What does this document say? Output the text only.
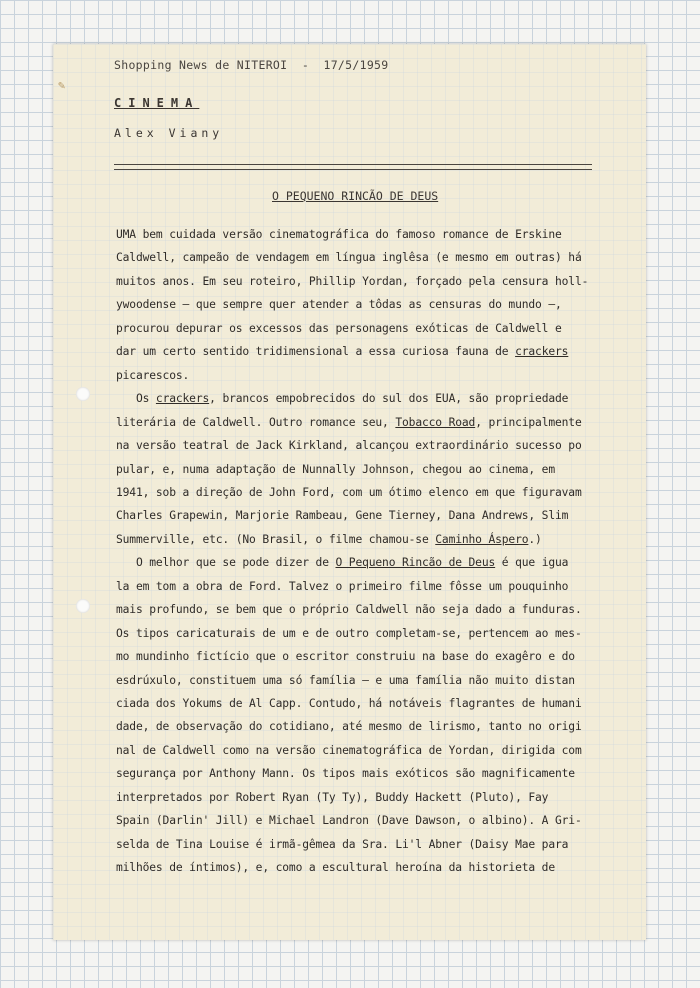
✎
Shopping News de NITEROI  -  17/5/1959
CINEMA
Alex Viany
O PEQUENO RINCÃO DE DEUS
UMA bem cuidada versão cinematográfica do famoso romance de Erskine
Caldwell, campeão de vendagem em língua inglêsa (e mesmo em outras) há
muitos anos. Em seu roteiro, Phillip Yordan, forçado pela censura holl-
ywoodense — que sempre quer atender a tôdas as censuras do mundo —,
procurou depurar os excessos das personagens exóticas de Caldwell e
dar um certo sentido tridimensional a essa curiosa fauna de crackers
picarescos.
Os crackers, brancos empobrecidos do sul dos EUA, são propriedade
literária de Caldwell. Outro romance seu, Tobacco Road, principalmente
na versão teatral de Jack Kirkland, alcançou extraordinário sucesso po
pular, e, numa adaptação de Nunnally Johnson, chegou ao cinema, em
1941, sob a direção de John Ford, com um ótimo elenco em que figuravam
Charles Grapewin, Marjorie Rambeau, Gene Tierney, Dana Andrews, Slim
Summerville, etc. (No Brasil, o filme chamou-se Caminho Áspero.)
O melhor que se pode dizer de O Pequeno Rincão de Deus é que igua
la em tom a obra de Ford. Talvez o primeiro filme fôsse um pouquinho
mais profundo, se bem que o próprio Caldwell não seja dado a funduras.
Os tipos caricaturais de um e de outro completam-se, pertencem ao mes-
mo mundinho fictício que o escritor construiu na base do exagêro e do
esdrúxulo, constituem uma só família — e uma família não muito distan
ciada dos Yokums de Al Capp. Contudo, há notáveis flagrantes de humani
dade, de observação do cotidiano, até mesmo de lirismo, tanto no origi
nal de Caldwell como na versão cinematográfica de Yordan, dirigida com
segurança por Anthony Mann. Os tipos mais exóticos são magnificamente
interpretados por Robert Ryan (Ty Ty), Buddy Hackett (Pluto), Fay
Spain (Darlin' Jill) e Michael Landron (Dave Dawson, o albino). A Gri-
selda de Tina Louise é irmã-gêmea da Sra. Li'l Abner (Daisy Mae para
milhões de íntimos), e, como a escultural heroína da historieta de
